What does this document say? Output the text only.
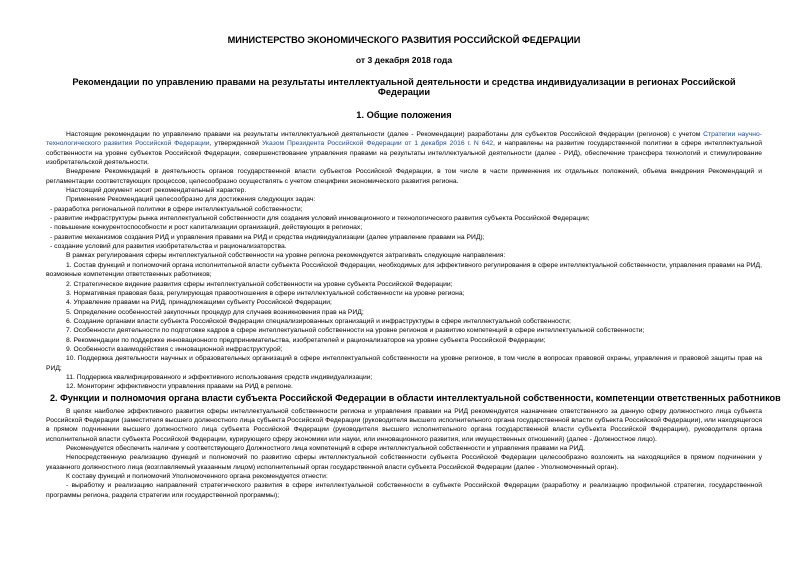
МИНИСТЕРСТВО ЭКОНОМИЧЕСКОГО РАЗВИТИЯ РОССИЙСКОЙ ФЕДЕРАЦИИ
от 3 декабря 2018 года
Рекомендации по управлению правами на результаты интеллектуальной деятельности и средства индивидуализации в регионах Российской Федерации
1. Общие положения

Настоящие рекомендации по управлению правами на результаты интеллектуальной деятельности (далее - Рекомендации) разработаны для субъектов Российской Федерации (регионов) с учетом Стратегии научно-технологического развития Российской Федерации, утвержденной Указом Президента Российской Федерации от 1 декабря 2016 г. N 642, и направлены на развитие государственной политики в сфере интеллектуальной собственности на уровне субъектов Российской Федерации, совершенствование управления правами на результаты интеллектуальной деятельности (далее - РИД), обеспечение трансфера технологий и стимулирование изобретательской деятельности.

Внедрение Рекомендаций в деятельность органов государственной власти субъектов Российской Федерации, в том числе в части применения их отдельных положений, объема внедрения Рекомендаций и регламентации соответствующих процессов, целесообразно осуществлять с учетом специфики экономического развития региона.

Настоящий документ носит рекомендательный характер.

Применение Рекомендаций целесообразно для достижения следующих задач:

- разработка региональной политики в сфере интеллектуальной собственности;

- развитие инфраструктуры рынка интеллектуальной собственности для создания условий инновационного и технологического развития субъекта Российской Федерации;

- повышение конкурентоспособности и рост капитализации организаций, действующих в регионах;

- развитие механизмов создания РИД и управления правами на РИД и средства индивидуализации (далее управление правами на РИД);

- создание условий для развития изобретательства и рационализаторства.

В рамках регулирования сферы интеллектуальной собственности на уровне региона рекомендуется затрагивать следующие направления:

1. Состав функций и полномочий органа исполнительной власти субъекта Российской Федерации, необходимых для эффективного регулирования в сфере интеллектуальной собственности, управления правами на РИД, возможные компетенции ответственных работников;

2. Стратегическое видение развития сферы интеллектуальной собственности на уровне субъекта Российской Федерации;

3. Нормативная правовая база, регулирующая правоотношения в сфере интеллектуальной собственности на уровне региона;

4. Управление правами на РИД, принадлежащими субъекту Российской Федерации;

5. Определение особенностей закупочных процедур для случаев возникновения прав на РИД;

6. Создание органами власти субъекта Российской Федерации специализированных организаций и инфраструктуры в сфере интеллектуальной собственности;

7. Особенности деятельности по подготовке кадров в сфере интеллектуальной собственности на уровне регионов и развитию компетенций в сфере интеллектуальной собственности;

8. Рекомендации по поддержке инновационного предпринимательства, изобретателей и рационализаторов на уровне субъекта Российской Федерации;

9. Особенности взаимодействия с инновационной инфраструктурой;

10. Поддержка деятельности научных и образовательных организаций в сфере интеллектуальной собственности на уровне регионов, в том числе в вопросах правовой охраны, управления и правовой защиты прав на РИД;

11. Поддержка квалифицированного и эффективного использования средств индивидуализации;

12. Мониторинг эффективности управления правами на РИД в регионе.

2. Функции и полномочия органа власти субъекта Российской Федерации в области интеллектуальной собственности, компетенции ответственных работников

В целях наиболее эффективного развития сферы интеллектуальной собственности региона и управления правами на РИД рекомендуется назначение ответственного за данную сферу должностного лица субъекта Российской Федерации (заместителя высшего должностного лица субъекта Российской Федерации (руководителя высшего исполнительного органа государственной власти субъекта Российской Федерации), или находящегося в прямом подчинении высшего должностного лица субъекта Российской Федерации (руководителя высшего исполнительного органа государственной власти субъекта Российской Федерации), руководителя органа исполнительной власти субъекта Российской Федерации, курирующего сферу экономики или науки, или инновационного развития, или имущественных отношений) (далее - Должностное лицо).

Рекомендуется обеспечить наличие у соответствующего Должностного лица компетенций в сфере интеллектуальной собственности и управления правами на РИД.

Непосредственную реализацию функций и полномочий по развитию сферы интеллектуальной собственности субъекта Российской Федерации целесообразно возложить на находящийся в прямом подчинении у указанного должностного лица (возглавляемый указанным лицом) исполнительный орган государственной власти субъекта Российской Федерации (далее - Уполномоченный орган).

К составу функций и полномочий Уполномоченного органа рекомендуется отнести:

- выработку и реализацию направлений стратегического развития в сфере интеллектуальной собственности в субъекте Российской Федерации (разработку и реализацию профильной стратегии, государственной программы региона, раздела стратегии или государственной программы);
